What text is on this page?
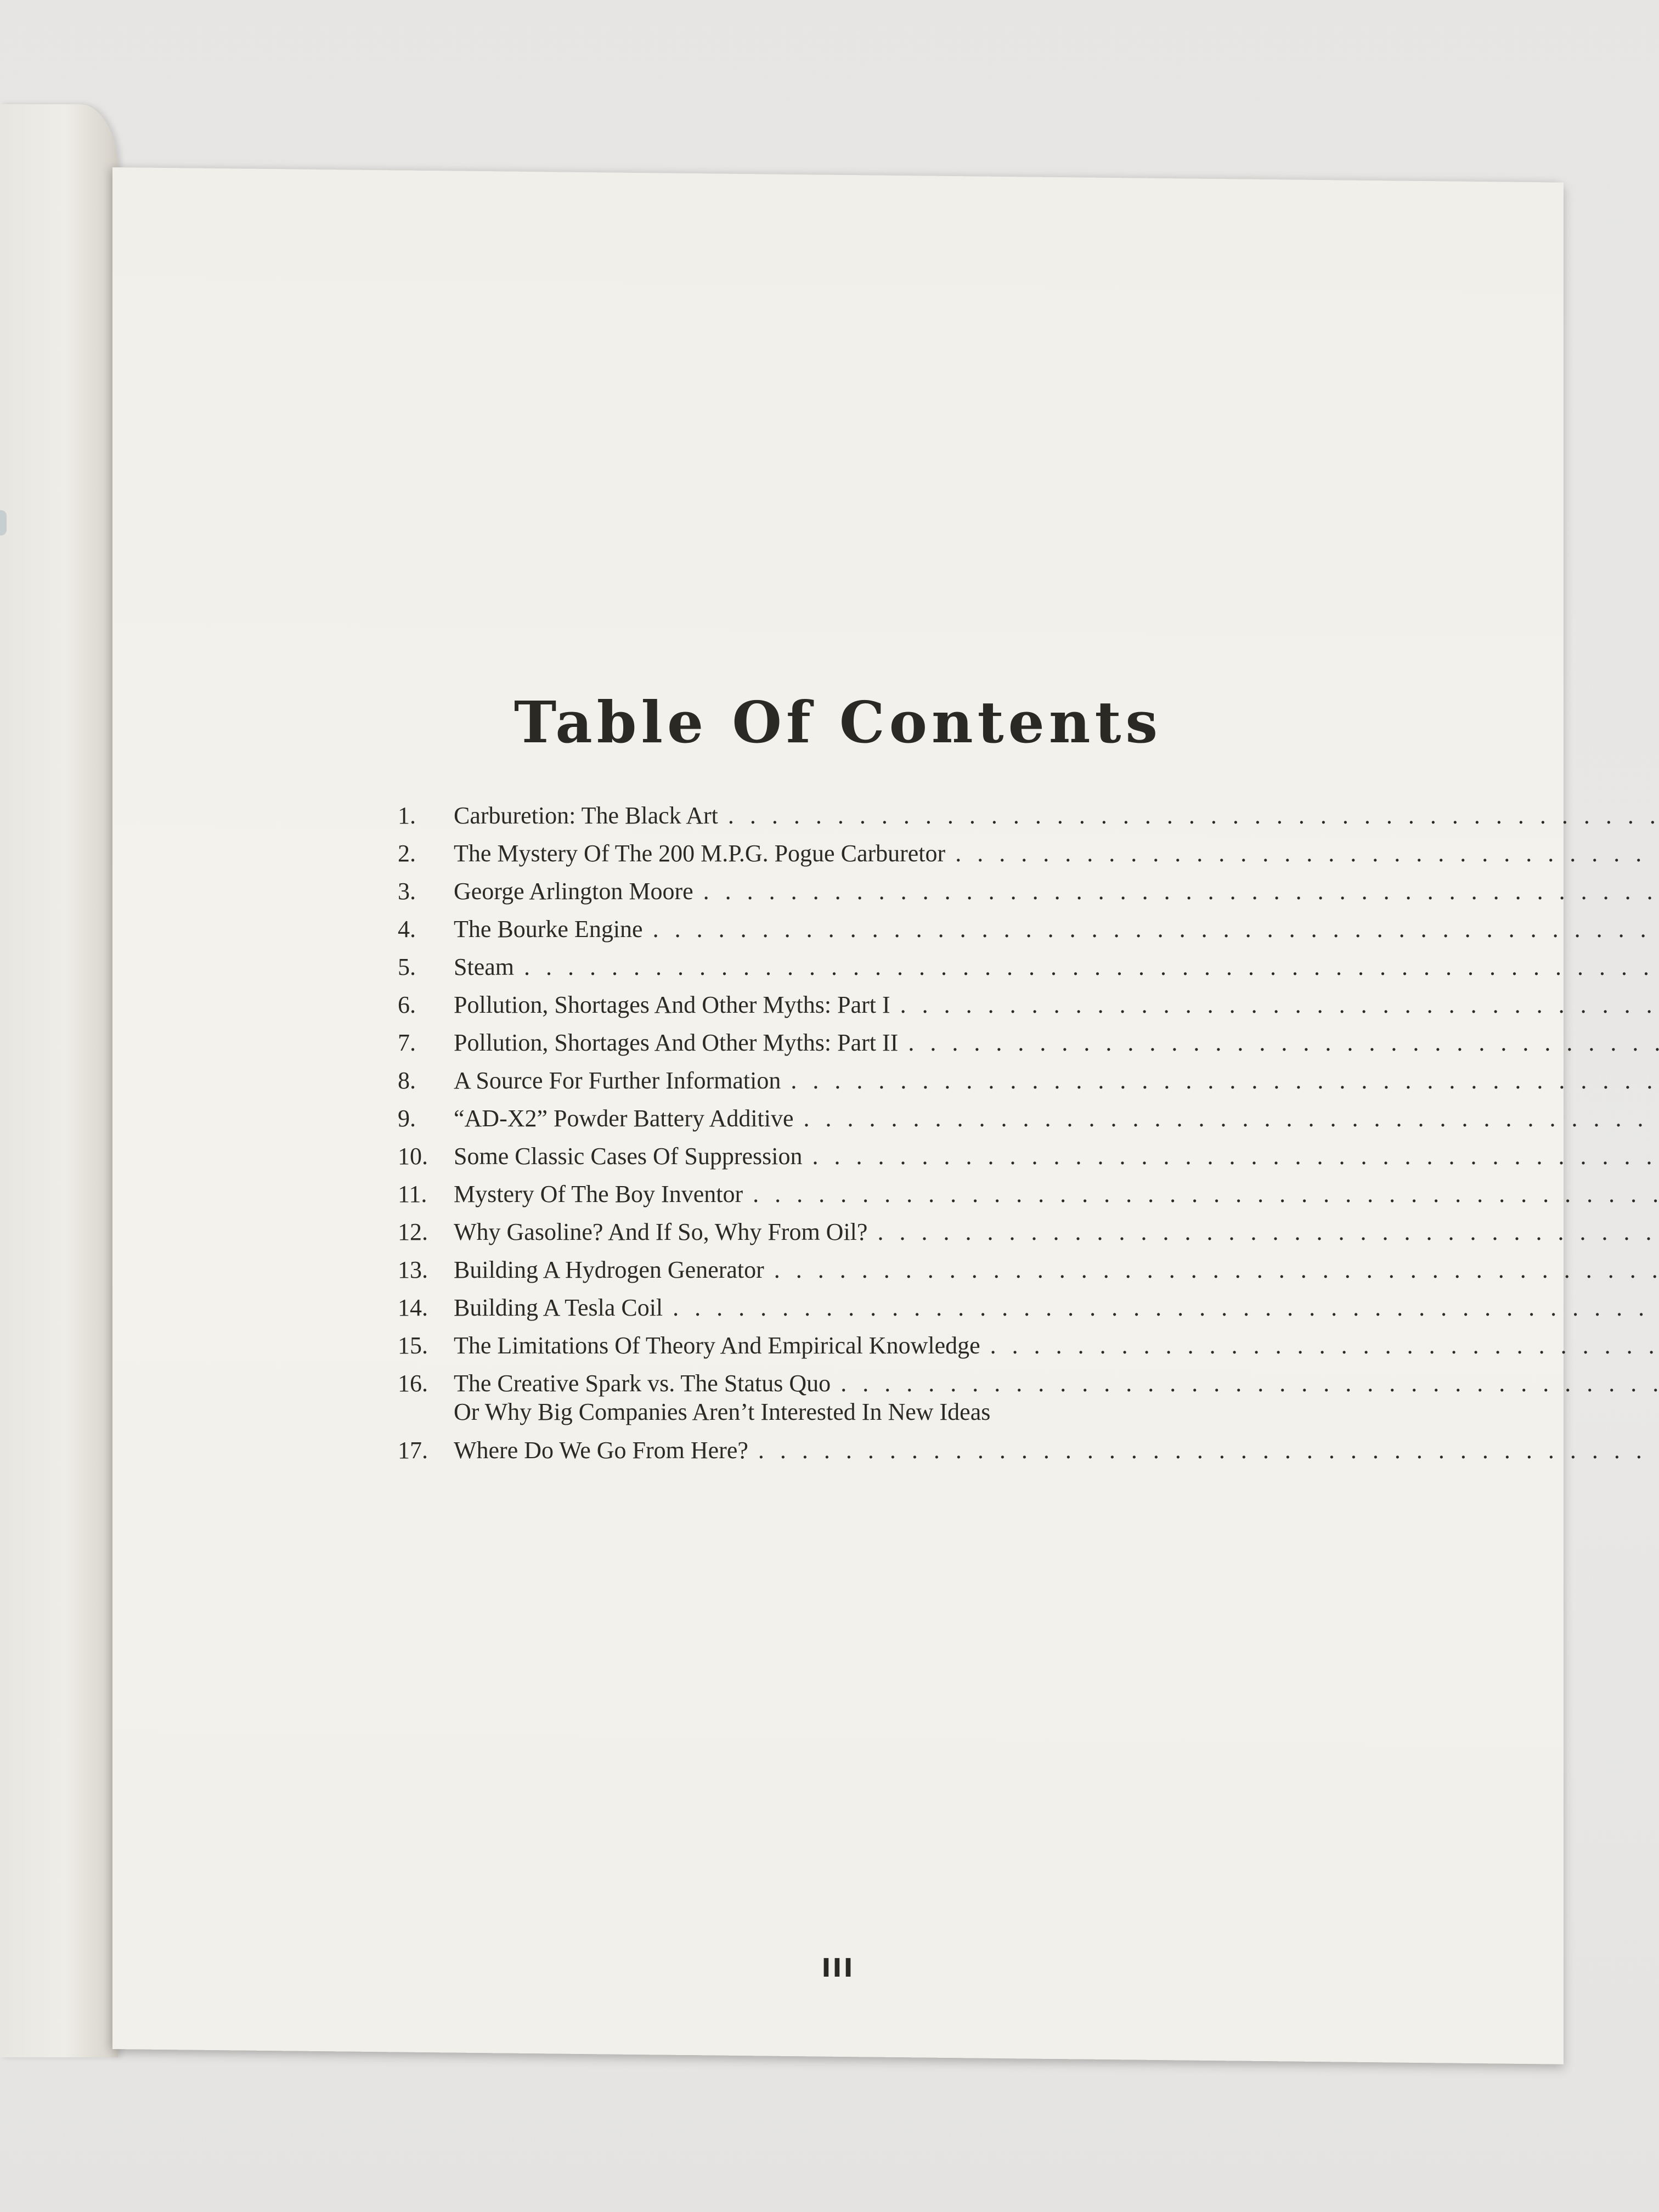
Table Of Contents
1.	Carburetion: The Black Art
. . .
2.	The Mystery Of The 200 M.P.G. Pogue Carburetor
. . .
3.	George Arlington Moore
. . .
4.	The Bourke Engine
. . .
5.	Steam
. . .
6.	Pollution, Shortages And Other Myths: Part I
. . .
7.	Pollution, Shortages And Other Myths: Part II
. . .
8.	A Source For Further Information
. . .
9.	“AD-X2” Powder Battery Additive
. . .
10.	Some Classic Cases Of Suppression
. . .
11.	Mystery Of The Boy Inventor
. . .
12.	Why Gasoline? And If So, Why From Oil?
. . .
13.	Building A Hydrogen Generator
. . .
14.	Building A Tesla Coil
. . .
15.	The Limitations Of Theory And Empirical Knowledge
. . .
16.	The Creative Spark vs. The Status Quo
. . .
Or Why Big Companies Aren’t Interested In New Ideas
17.	Where Do We Go From Here?
. . .
III
